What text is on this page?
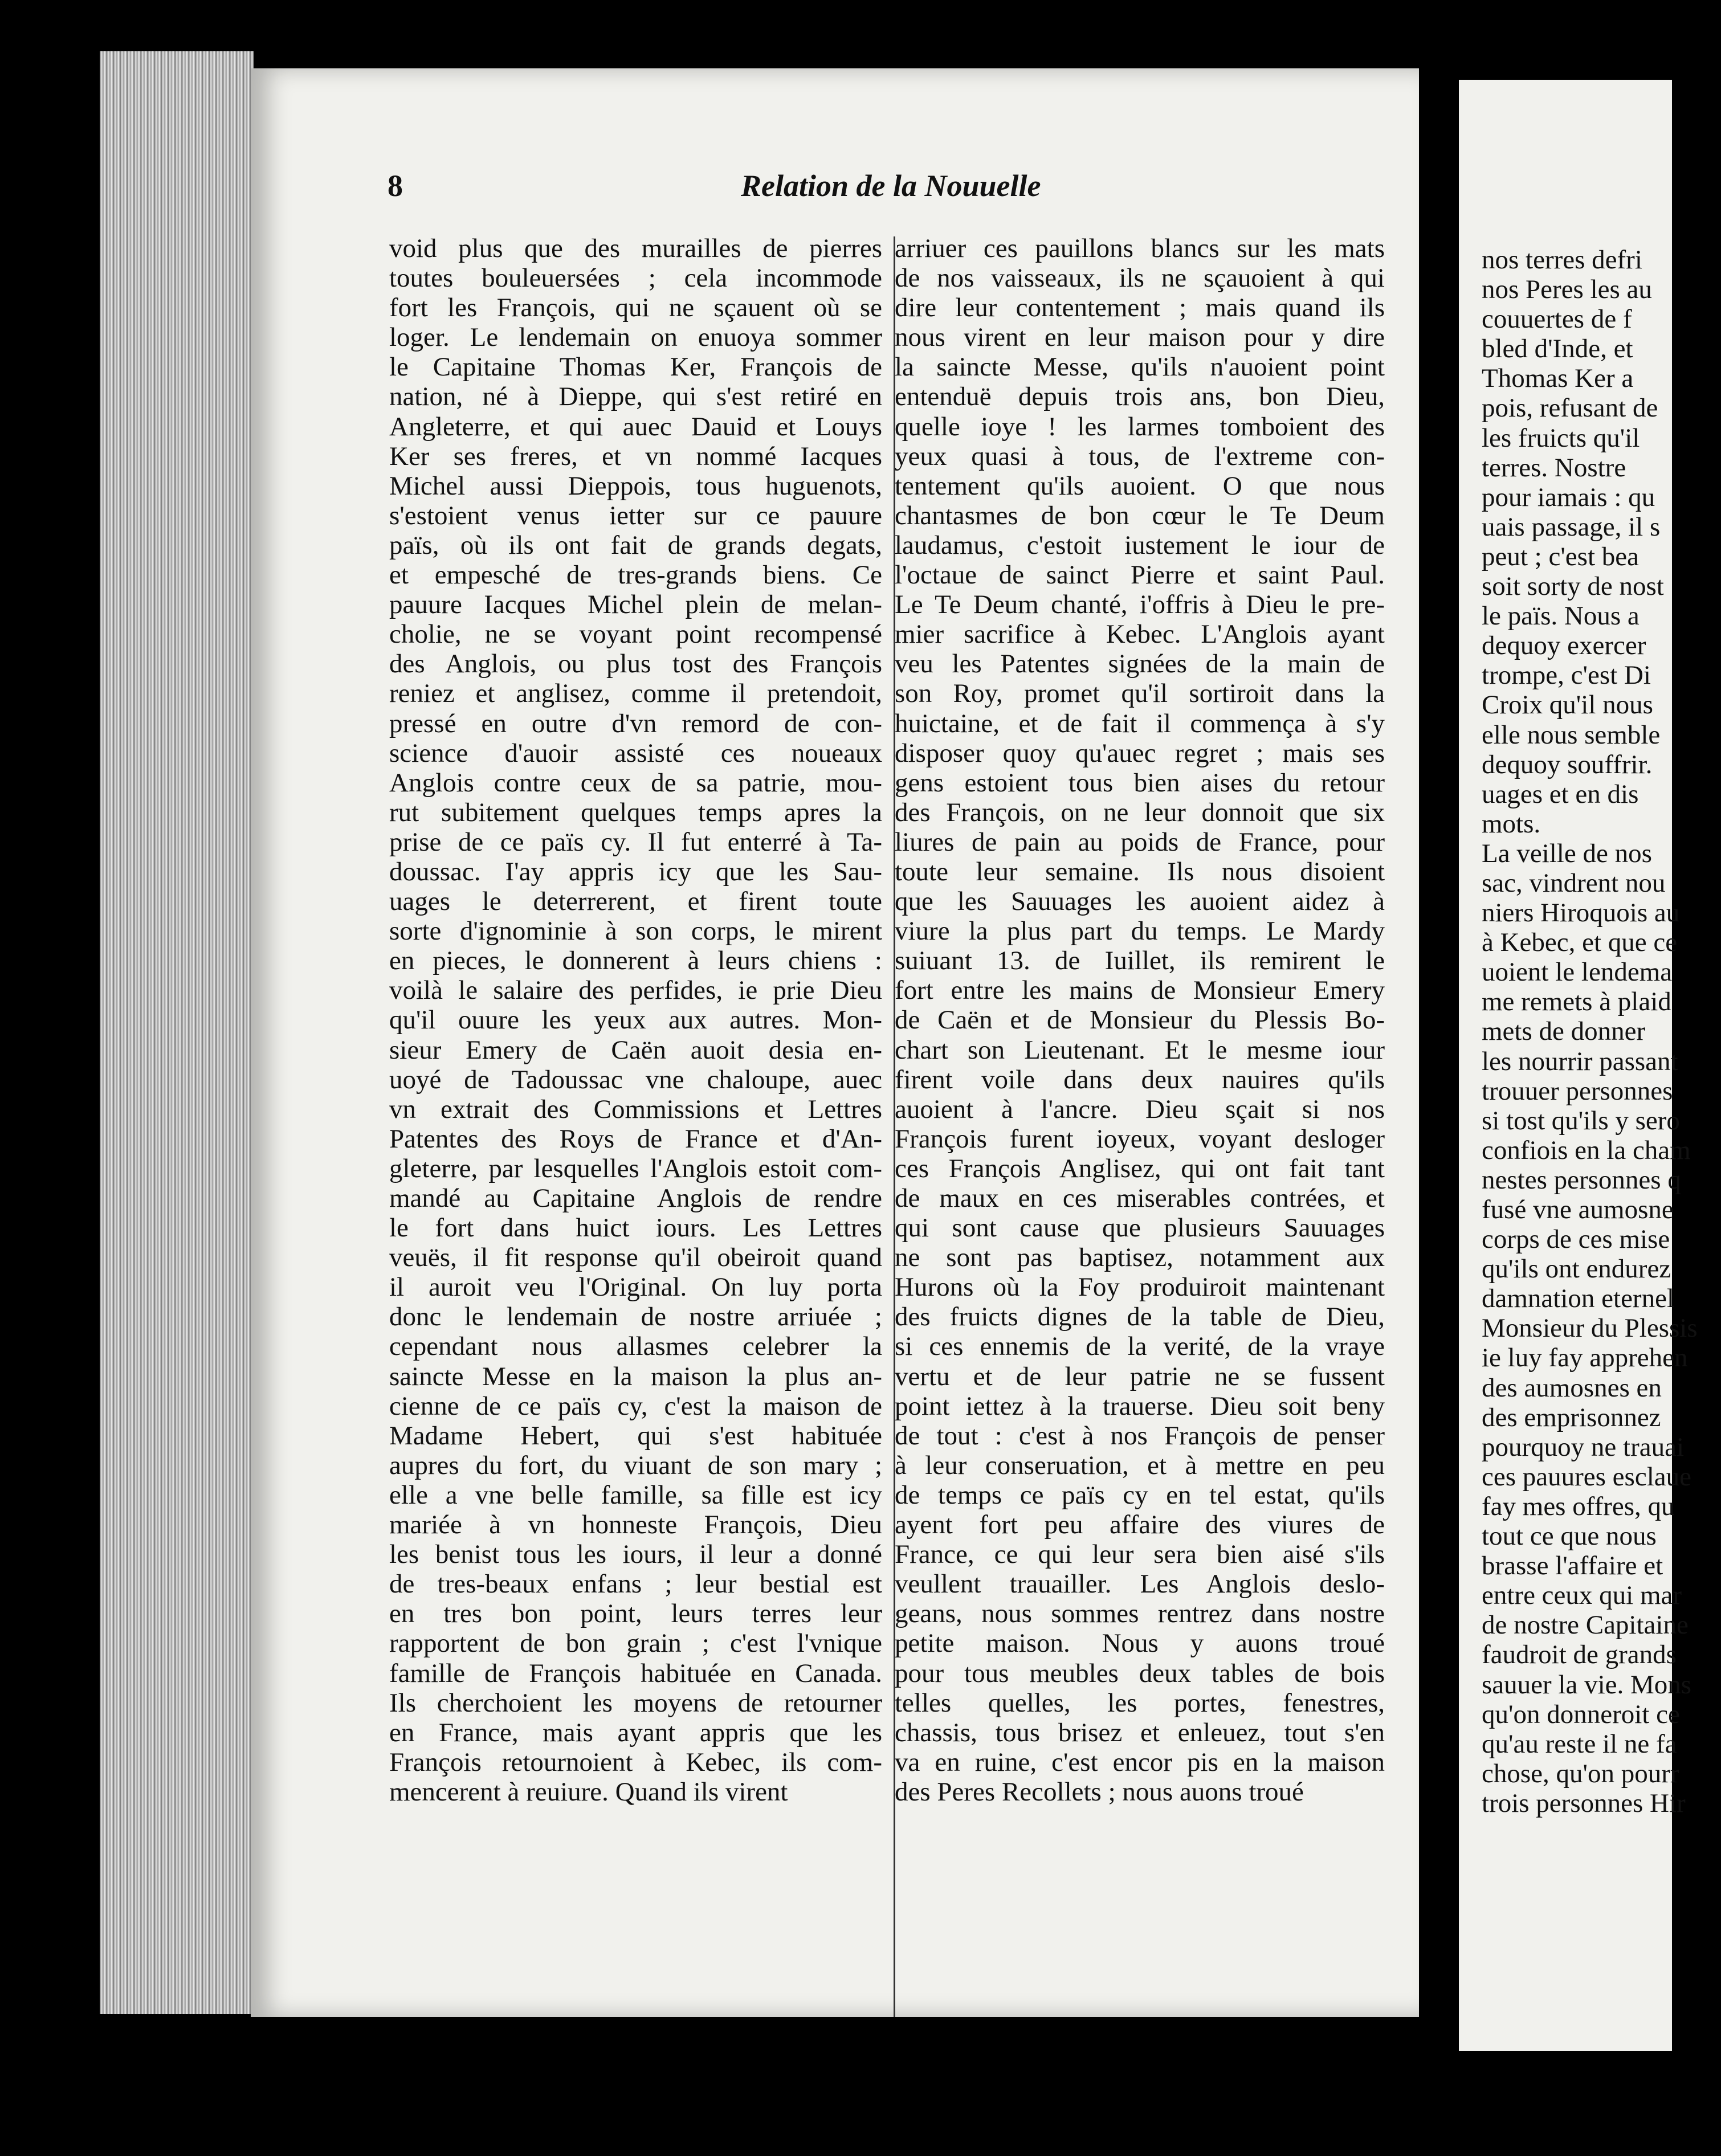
8	Relation de la Nouuelle
void plus que des murailles de pierres
toutes bouleuersées ; cela incommode
fort les François, qui ne sçauent où se
loger. Le lendemain on enuoya sommer
le Capitaine Thomas Ker, François de
nation, né à Dieppe, qui s'est retiré en
Angleterre, et qui auec Dauid et Louys
Ker ses freres, et vn nommé Iacques
Michel aussi Dieppois, tous huguenots,
s'estoient venus ietter sur ce pauure
païs, où ils ont fait de grands degats,
et empesché de tres-grands biens. Ce
pauure Iacques Michel plein de melan-
cholie, ne se voyant point recompensé
des Anglois, ou plus tost des François
reniez et anglisez, comme il pretendoit,
pressé en outre d'vn remord de con-
science d'auoir assisté ces noueaux
Anglois contre ceux de sa patrie, mou-
rut subitement quelques temps apres la
prise de ce païs cy. Il fut enterré à Ta-
doussac. I'ay appris icy que les Sau-
uages le deterrerent, et firent toute
sorte d'ignominie à son corps, le mirent
en pieces, le donnerent à leurs chiens :
voilà le salaire des perfides, ie prie Dieu
qu'il ouure les yeux aux autres. Mon-
sieur Emery de Caën auoit desia en-
uoyé de Tadoussac vne chaloupe, auec
vn extrait des Commissions et Lettres
Patentes des Roys de France et d'An-
gleterre, par lesquelles l'Anglois estoit com-
mandé au Capitaine Anglois de rendre
le fort dans huict iours. Les Lettres
veuës, il fit response qu'il obeiroit quand
il auroit veu l'Original. On luy porta
donc le lendemain de nostre arriuée ;
cependant nous allasmes celebrer la
saincte Messe en la maison la plus an-
cienne de ce païs cy, c'est la maison de
Madame Hebert, qui s'est habituée
aupres du fort, du viuant de son mary ;
elle a vne belle famille, sa fille est icy
mariée à vn honneste François, Dieu
les benist tous les iours, il leur a donné
de tres-beaux enfans ; leur bestial est
en tres bon point, leurs terres leur
rapportent de bon grain ; c'est l'vnique
famille de François habituée en Canada.
Ils cherchoient les moyens de retourner
en France, mais ayant appris que les
François retournoient à Kebec, ils com-
mencerent à reuiure. Quand ils virent
arriuer ces pauillons blancs sur les mats
de nos vaisseaux, ils ne sçauoient à qui
dire leur contentement ; mais quand ils
nous virent en leur maison pour y dire
la saincte Messe, qu'ils n'auoient point
entenduë depuis trois ans, bon Dieu,
quelle ioye ! les larmes tomboient des
yeux quasi à tous, de l'extreme con-
tentement qu'ils auoient. O que nous
chantasmes de bon cœur le Te Deum
laudamus, c'estoit iustement le iour de
l'octaue de sainct Pierre et saint Paul.
Le Te Deum chanté, i'offris à Dieu le pre-
mier sacrifice à Kebec. L'Anglois ayant
veu les Patentes signées de la main de
son Roy, promet qu'il sortiroit dans la
huictaine, et de fait il commença à s'y
disposer quoy qu'auec regret ; mais ses
gens estoient tous bien aises du retour
des François, on ne leur donnoit que six
liures de pain au poids de France, pour
toute leur semaine. Ils nous disoient
que les Sauuages les auoient aidez à
viure la plus part du temps. Le Mardy
suiuant 13. de Iuillet, ils remirent le
fort entre les mains de Monsieur Emery
de Caën et de Monsieur du Plessis Bo-
chart son Lieutenant. Et le mesme iour
firent voile dans deux nauires qu'ils
auoient à l'ancre. Dieu sçait si nos
François furent ioyeux, voyant desloger
ces François Anglisez, qui ont fait tant
de maux en ces miserables contrées, et
qui sont cause que plusieurs Sauuages
ne sont pas baptisez, notamment aux
Hurons où la Foy produiroit maintenant
des fruicts dignes de la table de Dieu,
si ces ennemis de la verité, de la vraye
vertu et de leur patrie ne se fussent
point iettez à la trauerse. Dieu soit beny
de tout : c'est à nos François de penser
à leur conseruation, et à mettre en peu
de temps ce païs cy en tel estat, qu'ils
ayent fort peu affaire des viures de
France, ce qui leur sera bien aisé s'ils
veullent trauailler. Les Anglois deslo-
geans, nous sommes rentrez dans nostre
petite maison. Nous y auons troué
pour tous meubles deux tables de bois
telles quelles, les portes, fenestres,
chassis, tous brisez et enleuez, tout s'en
va en ruine, c'est encor pis en la maison
des Peres Recollets ; nous auons troué
nos terres defri
nos Peres les au
couuertes de f
bled d'Inde, et
Thomas Ker a
pois, refusant de
les fruicts qu'il
terres. Nostre
pour iamais : qu
uais passage, il s
peut ; c'est bea
soit sorty de nost
le païs. Nous a
dequoy exercer
trompe, c'est Di
Croix qu'il nous
elle nous semble
dequoy souffrir.
uages et en dis
mots.
La veille de nos
sac, vindrent nou
niers Hiroquois au
à Kebec, et que ce
uoient le lendema
me remets à plaid
mets de donner
les nourrir passant
trouuer personnes
si tost qu'ils y sero
confiois en la cham
nestes personnes q
fusé vne aumosne
corps de ces mise
qu'ils ont endurez
damnation eternel
Monsieur du Plessis
ie luy fay apprehen
des aumosnes en
des emprisonnez
pourquoy ne trauai
ces pauures esclaue
fay mes offres, qu
tout ce que nous
brasse l'affaire et
entre ceux qui mar
de nostre Capitaine
faudroit de grands
sauuer la vie. Mons
qu'on donneroit ce
qu'au reste il ne fa
chose, qu'on pourr
trois personnes Hir
